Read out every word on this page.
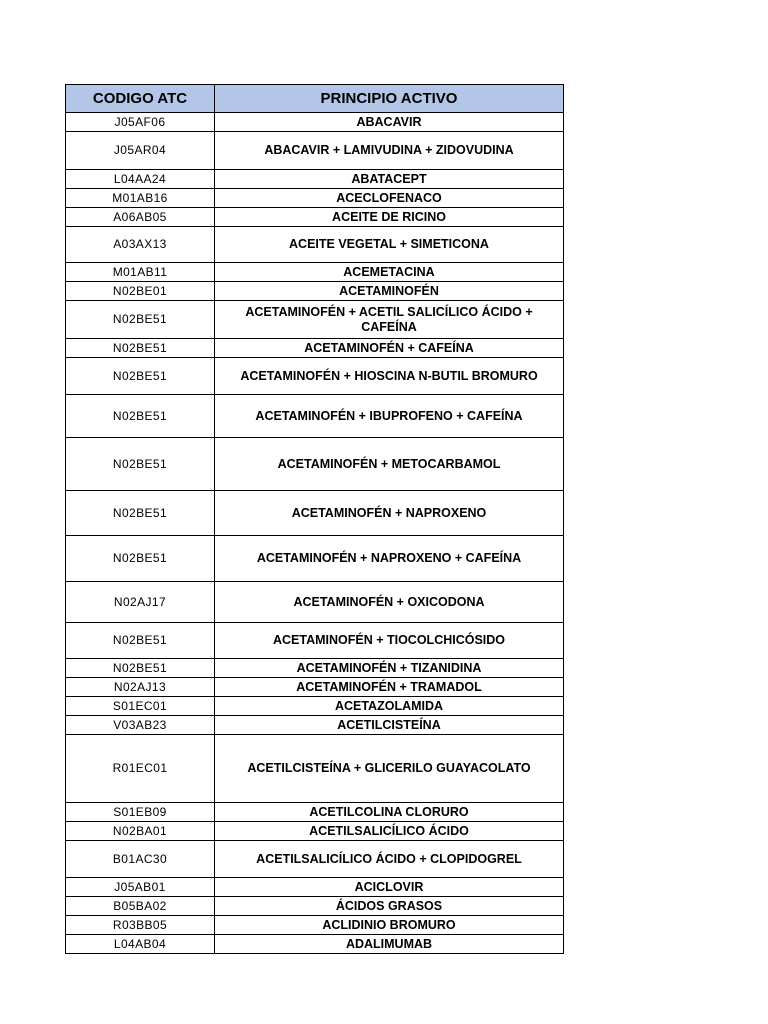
CODIGO ATC	PRINCIPIO ACTIVO
J05AF06	ABACAVIR
J05AR04	ABACAVIR + LAMIVUDINA + ZIDOVUDINA
L04AA24	ABATACEPT
M01AB16	ACECLOFENACO
A06AB05	ACEITE DE RICINO
A03AX13	ACEITE VEGETAL + SIMETICONA
M01AB11	ACEMETACINA
N02BE01	ACETAMINOFÉN
N02BE51	ACETAMINOFÉN + ACETIL SALICÍLICO ÁCIDO + CAFEÍNA
N02BE51	ACETAMINOFÉN + CAFEÍNA
N02BE51	ACETAMINOFÉN + HIOSCINA N-BUTIL BROMURO
N02BE51	ACETAMINOFÉN + IBUPROFENO + CAFEÍNA
N02BE51	ACETAMINOFÉN + METOCARBAMOL
N02BE51	ACETAMINOFÉN + NAPROXENO
N02BE51	ACETAMINOFÉN + NAPROXENO + CAFEÍNA
N02AJ17	ACETAMINOFÉN + OXICODONA
N02BE51	ACETAMINOFÉN + TIOCOLCHICÓSIDO
N02BE51	ACETAMINOFÉN + TIZANIDINA
N02AJ13	ACETAMINOFÉN + TRAMADOL
S01EC01	ACETAZOLAMIDA
V03AB23	ACETILCISTEÍNA
R01EC01	ACETILCISTEÍNA + GLICERILO GUAYACOLATO
S01EB09	ACETILCOLINA CLORURO
N02BA01	ACETILSALICÍLICO ÁCIDO
B01AC30	ACETILSALICÍLICO ÁCIDO + CLOPIDOGREL
J05AB01	ACICLOVIR
B05BA02	ÁCIDOS GRASOS
R03BB05	ACLIDINIO BROMURO
L04AB04	ADALIMUMAB
